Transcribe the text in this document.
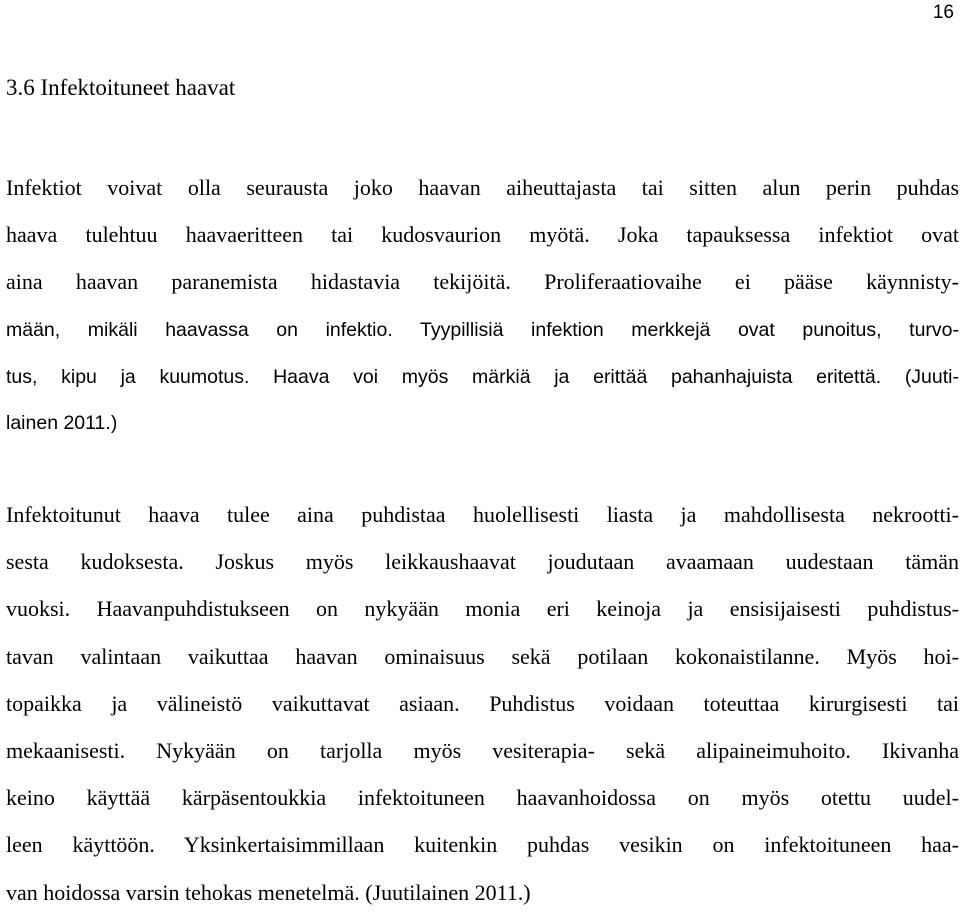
16
3.6 Infektoituneet haavat
Infektiot voivat olla seurausta joko haavan aiheuttajasta tai sitten alun perin puhdas
haava tulehtuu haavaeritteen tai kudosvaurion myötä. Joka tapauksessa infektiot ovat
aina haavan paranemista hidastavia tekijöitä. Proliferaatiovaihe ei pääse käynnisty-
mään, mikäli haavassa on infektio. Tyypillisiä infektion merkkejä ovat punoitus, turvo-
tus, kipu ja kuumotus. Haava voi myös märkiä ja erittää pahanhajuista eritettä. (Juuti-
lainen 2011.)
Infektoitunut haava tulee aina puhdistaa huolellisesti liasta ja mahdollisesta nekrootti-
sesta kudoksesta. Joskus myös leikkaushaavat joudutaan avaamaan uudestaan tämän
vuoksi. Haavanpuhdistukseen on nykyään monia eri keinoja ja ensisijaisesti puhdistus-
tavan valintaan vaikuttaa haavan ominaisuus sekä potilaan kokonaistilanne. Myös hoi-
topaikka ja välineistö vaikuttavat asiaan. Puhdistus voidaan toteuttaa kirurgisesti tai
mekaanisesti. Nykyään on tarjolla myös vesiterapia- sekä alipaineimuhoito. Ikivanha
keino käyttää kärpäsentoukkia infektoituneen haavanhoidossa on myös otettu uudel-
leen käyttöön. Yksinkertaisimmillaan kuitenkin puhdas vesikin on infektoituneen haa-
van hoidossa varsin tehokas menetelmä. (Juutilainen 2011.)
